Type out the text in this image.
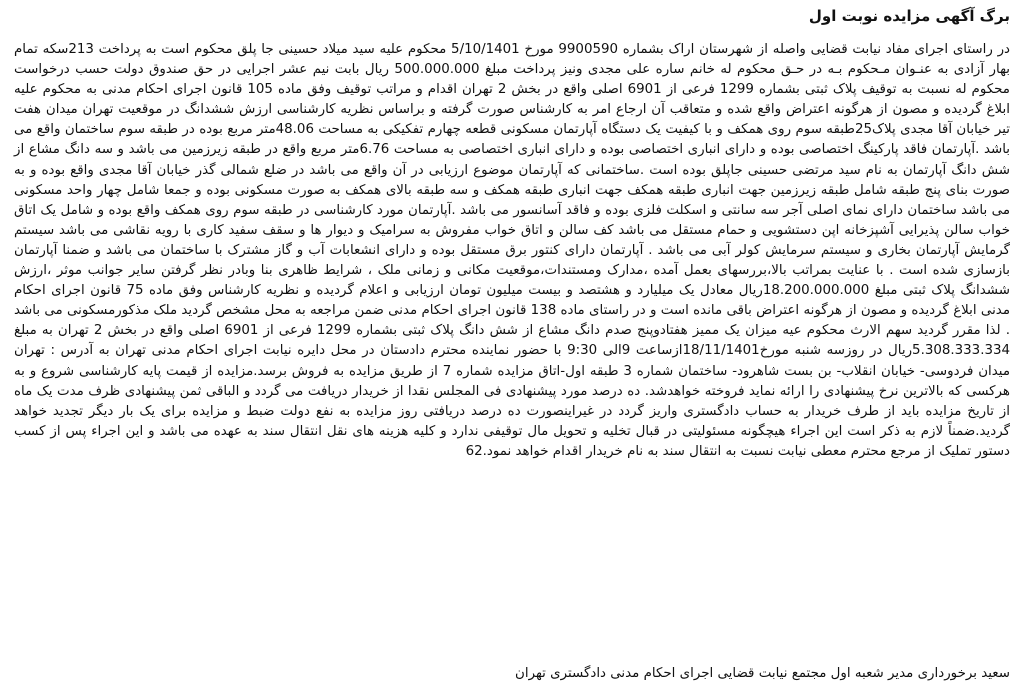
برگ آگهی مزایده نوبت اول

در راستای اجرای مفاد نیابت قضایی واصله از شهرستان اراک بشماره 9900590 مورخ 5/10/1401 محکوم علیه سید میلاد حسینی جا پلق محکوم است به پرداخت 213سکه تمام بهار آزادی به عنـوان مـحکوم بـه در حـق محکوم له خانم ساره علی مجدی ونیز پرداخت مبلغ 500.000.000 ریال بابت نیم عشر اجرایی در حق صندوق دولت حسب درخواست محکوم له نسبت به توقیف پلاک ثبتی بشماره 1299 فرعی از 6901 اصلی واقع در بخش 2 تهران اقدام و مراتب توقیف وفق ماده 105 قانون اجرای احکام مدنی به محکوم علیه ابلاغ گردیده و مصون از هرگونه اعتراض واقع شده و متعاقب آن ارجاع امر به کارشناس صورت گرفته و براساس نظریه کارشناسی ارزش ششدانگ در موقعیت تهران میدان هفت تیر خیابان آقا مجدی پلاک25طبقه سوم روی همکف و با کیفیت یک دستگاه آپارتمان مسکونی قطعه چهارم تفکیکی به مساحت 48.06متر مربع بوده در طبقه سوم ساختمان واقع می باشد .آپارتمان فاقد پارکینگ اختصاصی بوده و دارای انباری اختصاصی بوده و دارای انباری اختصاصی به مساحت 6.76متر مربع واقع در طبقه زیرزمین می باشد و سه دانگ مشاع از شش دانگ آپارتمان به نام سید مرتضی حسینی جاپلق بوده است .ساختمانی که آپارتمان موضوع ارزیابی در آن واقع می باشد در ضلع شمالی گذر خیابان آقا مجدی واقع بوده و به صورت بنای پنج طبقه شامل طبقه زیرزمین جهت انباری طبقه همکف جهت انباری طبقه همکف و سه طبقه بالای همکف به صورت مسکونی بوده و جمعا شامل چهار واحد مسکونی می باشد ساختمان دارای نمای اصلی آجر سه سانتی و اسکلت فلزی بوده و فاقد آسانسور می باشد .آپارتمان مورد کارشناسی در طبقه سوم روی همکف واقع بوده و شامل یک اتاق خواب سالن پذیرایی آشپزخانه اپن دستشویی و حمام مستقل می باشد کف سالن و اتاق خواب مفروش به سرامیک و دیوار ها و سقف سفید کاری با رویه نقاشی می باشد سیستم گرمایش آپارتمان بخاری و سیستم سرمایش کولر آبی می باشد . آپارتمان دارای کنتور برق مستقل بوده و دارای انشعابات آب و گاز مشترک با ساختمان می باشد و ضمنا آپارتمان بازسازی شده است . با عنایت بمراتب بالا،بررسهای بعمل آمده ،مدارک ومستندات،موقعیت مکانی و زمانی ملک ، شرایط ظاهری بنا وبادر نظر گرفتن سایر جوانب موثر ،ارزش ششدانگ پلاک ثبتی مبلغ 18.200.000.000ریال معادل یک میلیارد و هشتصد و بیست میلیون تومان ارزیابی و اعلام گردیده و نظریه کارشناس وفق ماده 75 قانون اجرای احکام مدنی ابلاغ گردیده و مصون از هرگونه اعتراض باقی مانده است و در راستای ماده 138 قانون اجرای احکام مدنی ضمن مراجعه به محل مشخص گردید ملک مذکورمسکونی می باشد . لذا مقرر گردید سهم الارث محکوم عیه میزان یک ممیز هفتادوپنج صدم دانگ مشاع از شش دانگ پلاک ثبتی بشماره 1299 فرعی از 6901 اصلی واقع در بخش 2 تهران به مبلغ 5.308.333.334ریال در روزسه شنبه مورخ18/11/1401ازساعت 9الی 9:30 با حضور نماینده محترم دادستان در محل دایره نیابت اجرای احکام مدنی تهران به آدرس : تهران میدان فردوسی- خیابان انقلاب- بن بست شاهرود- ساختمان شماره 3 طبقه اول-اتاق مزایده شماره 7 از طریق مزایده به فروش برسد.مزایده از قیمت پایه کارشناسی شروع و به هرکسی که بالاترین نرخ پیشنهادی را ارائه نماید فروخته خواهدشد. ده درصد مورد پیشنهادی فی المجلس نقدا از خریدار دریافت می گردد و الباقی ثمن پیشنهادی ظرف مدت یک ماه از تاریخ مزایده باید از طرف خریدار به حساب دادگستری واریز گردد در غیراینصورت ده درصد دریافتی روز مزایده به نفع دولت ضبط و مزایده برای یک بار دیگر تجدید خواهد گردید.ضمناً لازم به ذکر است این اجراء هیچگونه مسئولیتی در قبال تخلیه و تحویل مال توقیفی ندارد و کلیه هزینه های نقل انتقال سند به عهده می باشد و این اجراء پس از کسب دستور تملیک از مرجع محترم معطی نیابت نسبت به انتقال سند به نام خریدار اقدام خواهد نمود.62

سعید برخورداری مدیر شعبه اول مجتمع نیابت قضایی اجرای احکام مدنی دادگستری تهران
